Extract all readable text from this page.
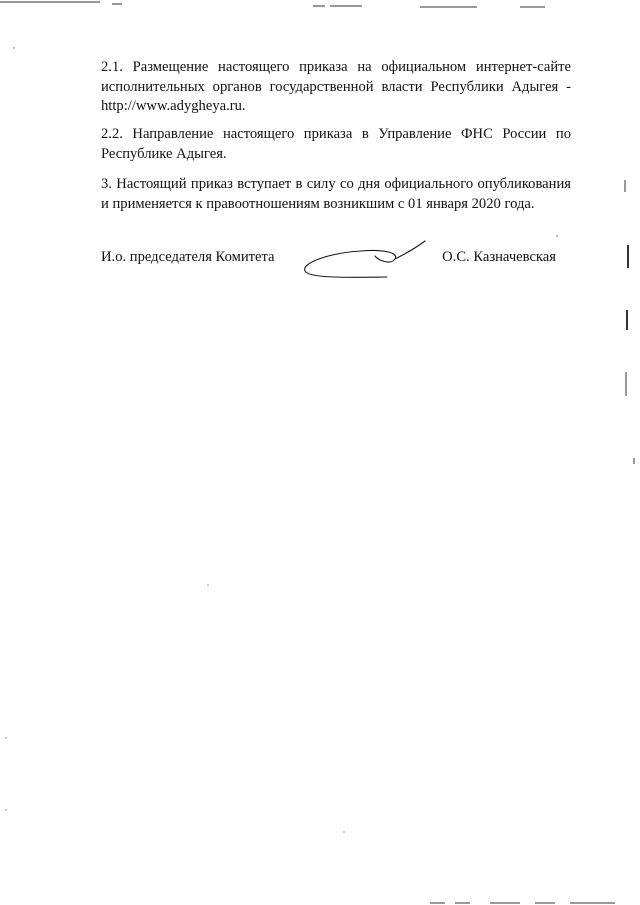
2.1. Размещение настоящего приказа на официальном интернет-сайте исполнительных органов государственной власти Республики Адыгея - http://www.adygheya.ru.

2.2. Направление настоящего приказа в Управление ФНС России по Республике Адыгея.

3. Настоящий приказ вступает в силу со дня официального опубликования и применяется к правоотношениям возникшим с 01 января 2020 года.

И.о. председателя Комитета	О.С. Казначевская
